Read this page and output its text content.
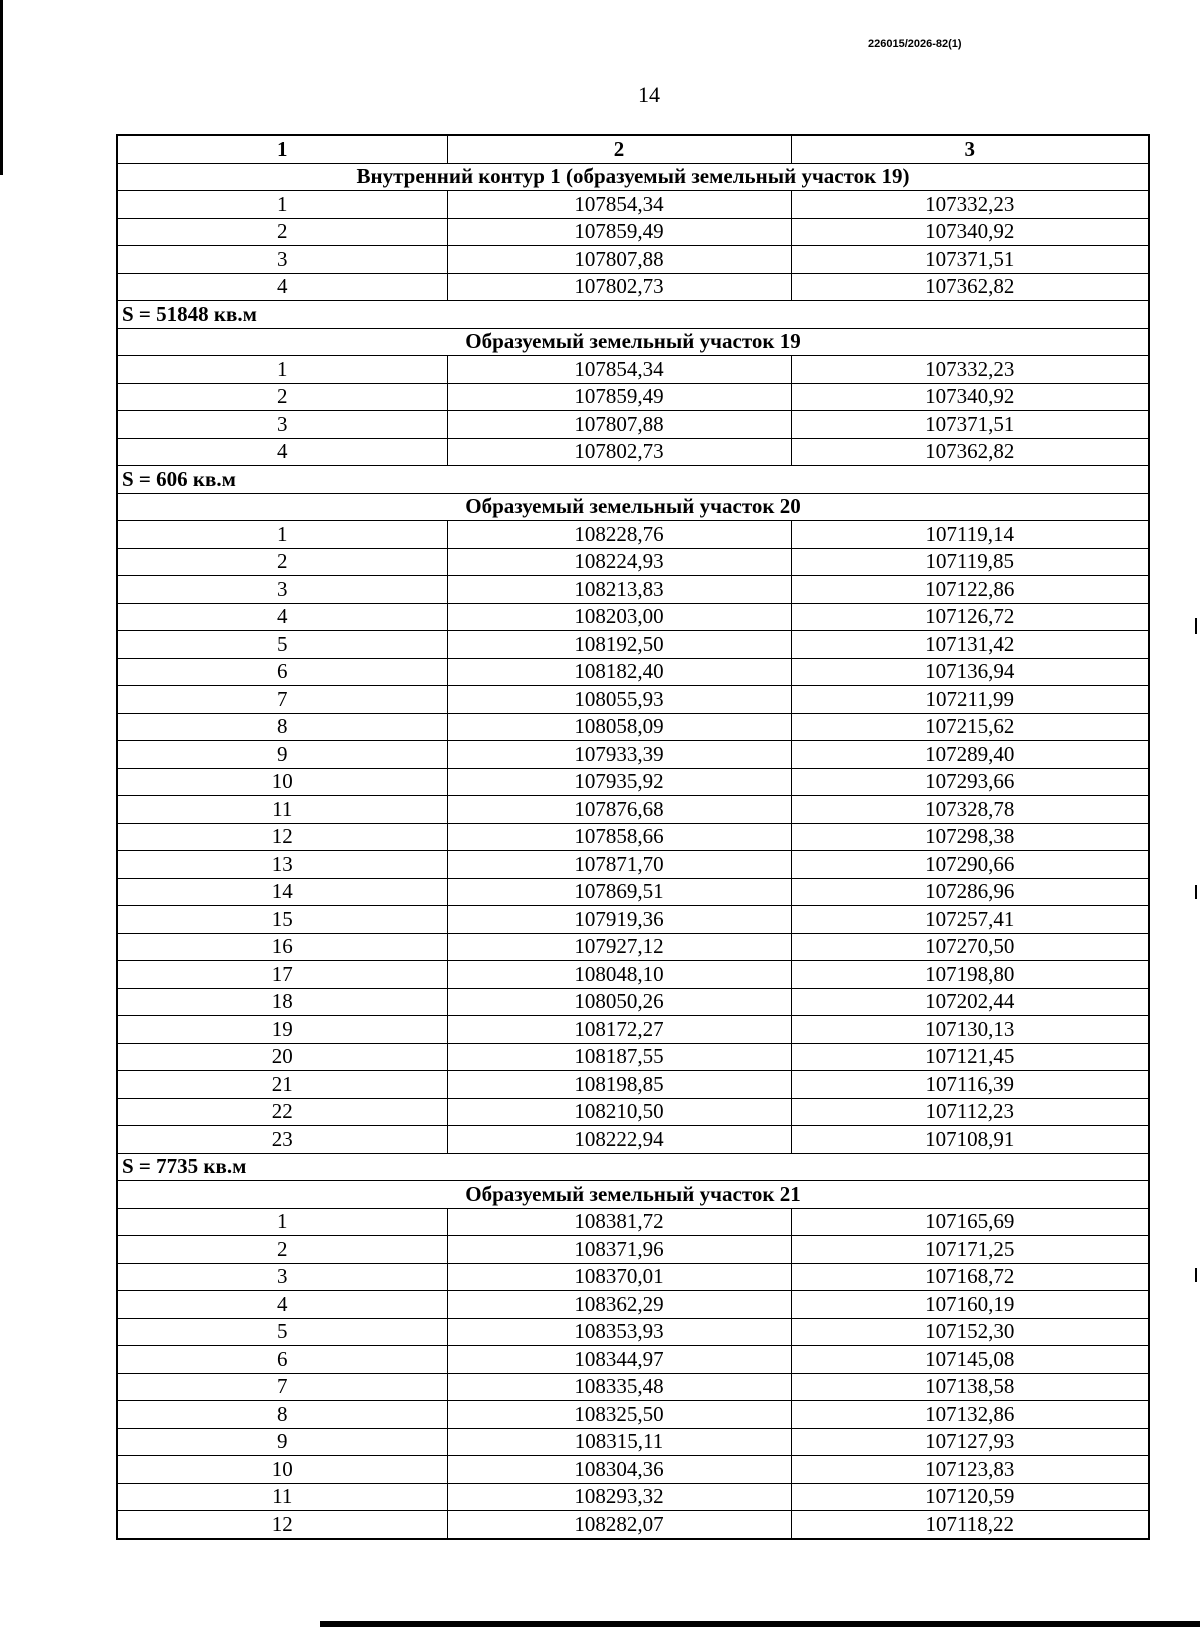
226015/2026-82(1)
14
1	2	3
Внутренний контур 1 (образуемый земельный участок 19)		
1	107854,34	107332,23
2	107859,49	107340,92
3	107807,88	107371,51
4	107802,73	107362,82
S = 51848 кв.м		
Образуемый земельный участок 19		
1	107854,34	107332,23
2	107859,49	107340,92
3	107807,88	107371,51
4	107802,73	107362,82
S = 606 кв.м		
Образуемый земельный участок 20		
1	108228,76	107119,14
2	108224,93	107119,85
3	108213,83	107122,86
4	108203,00	107126,72
5	108192,50	107131,42
6	108182,40	107136,94
7	108055,93	107211,99
8	108058,09	107215,62
9	107933,39	107289,40
10	107935,92	107293,66
11	107876,68	107328,78
12	107858,66	107298,38
13	107871,70	107290,66
14	107869,51	107286,96
15	107919,36	107257,41
16	107927,12	107270,50
17	108048,10	107198,80
18	108050,26	107202,44
19	108172,27	107130,13
20	108187,55	107121,45
21	108198,85	107116,39
22	108210,50	107112,23
23	108222,94	107108,91
S = 7735 кв.м		
Образуемый земельный участок 21		
1	108381,72	107165,69
2	108371,96	107171,25
3	108370,01	107168,72
4	108362,29	107160,19
5	108353,93	107152,30
6	108344,97	107145,08
7	108335,48	107138,58
8	108325,50	107132,86
9	108315,11	107127,93
10	108304,36	107123,83
11	108293,32	107120,59
12	108282,07	107118,22
